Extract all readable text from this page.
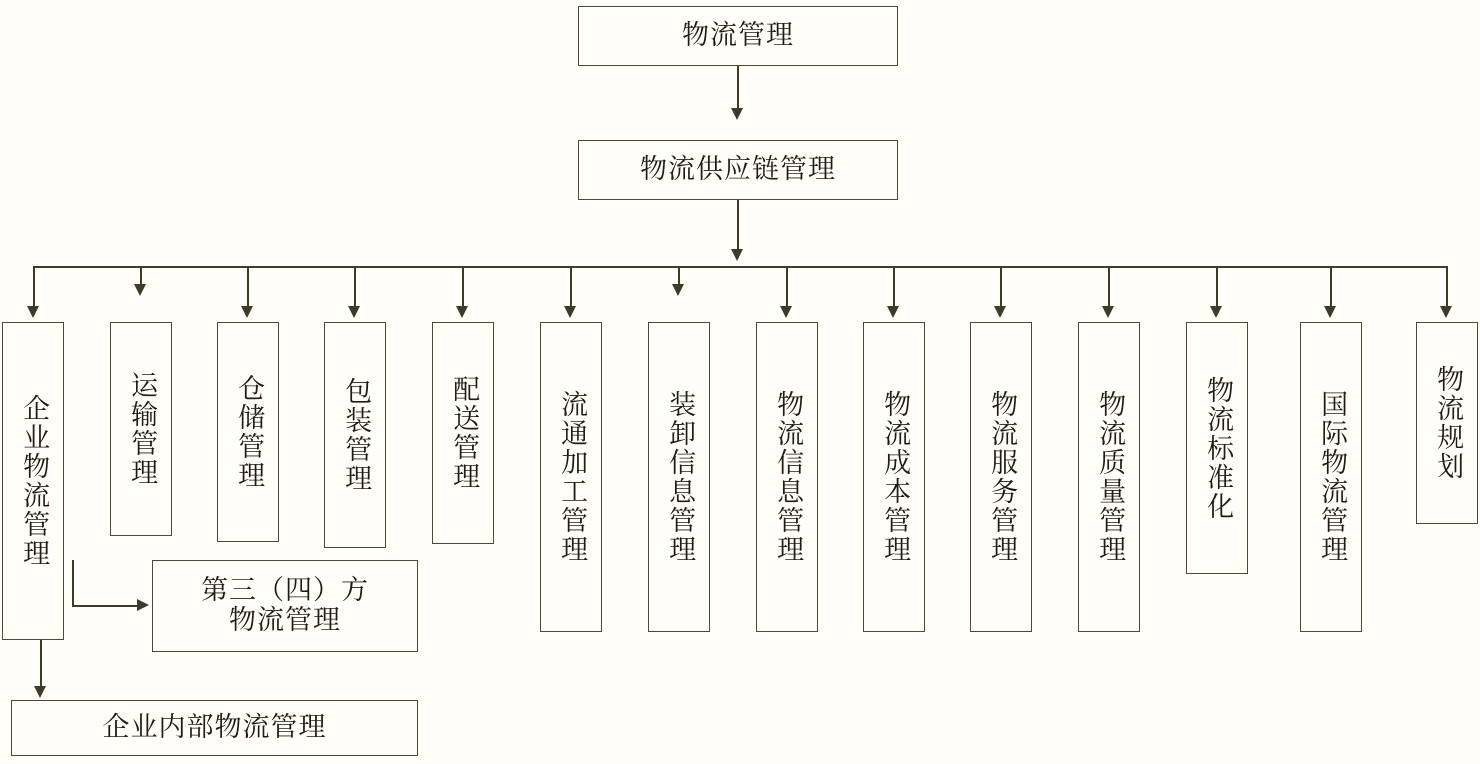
物流管理
物流供应链管理
企业物流管理	运输管理	仓储管理	包装管理	配送管理	流通加工管理	装卸信息管理	物流信息管理	物流成本管理	物流服务管理	物流质量管理	物流标准化	国际物流管理	物流规划
第三（四）方
物流管理
企业内部物流管理
